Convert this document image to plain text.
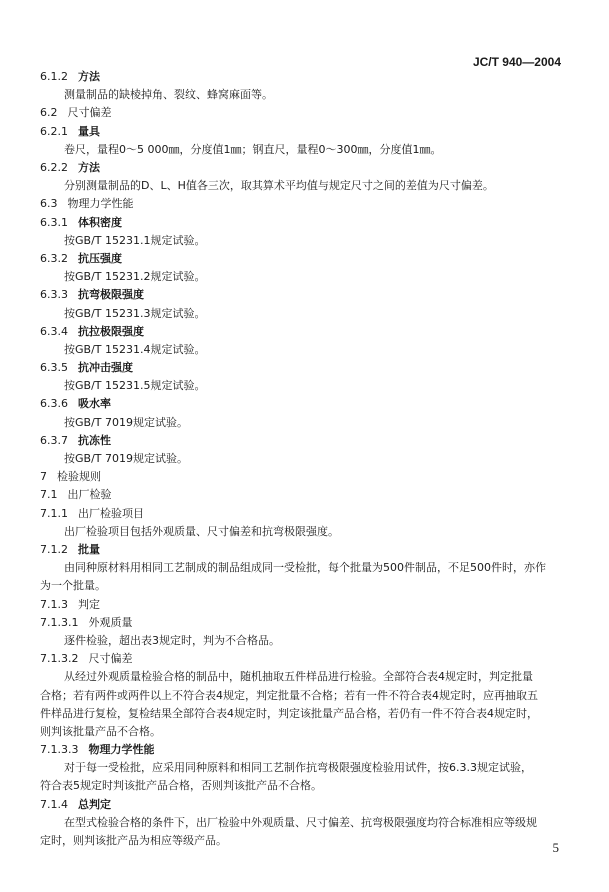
JC/T 940—2004
6.1.2 方法
测量制品的缺棱掉角、裂纹、蜂窝麻面等。
6.2 尺寸偏差
6.2.1 量具
卷尺，量程0～5 000㎜，分度值1㎜；钢直尺，量程0～300㎜，分度值1㎜。
6.2.2 方法
分别测量制品的D、L、H值各三次，取其算术平均值与规定尺寸之间的差值为尺寸偏差。
6.3 物理力学性能
6.3.1 体积密度
按GB/T 15231.1规定试验。
6.3.2 抗压强度
按GB/T 15231.2规定试验。
6.3.3 抗弯极限强度
按GB/T 15231.3规定试验。
6.3.4 抗拉极限强度
按GB/T 15231.4规定试验。
6.3.5 抗冲击强度
按GB/T 15231.5规定试验。
6.3.6 吸水率
按GB/T 7019规定试验。
6.3.7 抗冻性
按GB/T 7019规定试验。
7 检验规则
7.1 出厂检验
7.1.1 出厂检验项目
出厂检验项目包括外观质量、尺寸偏差和抗弯极限强度。
7.1.2 批量
由同种原材料用相同工艺制成的制品组成同一受检批，每个批量为500件制品，不足500件时，亦作
为一个批量。
7.1.3 判定
7.1.3.1 外观质量
逐件检验，超出表3规定时，判为不合格品。
7.1.3.2 尺寸偏差
从经过外观质量检验合格的制品中，随机抽取五件样品进行检验。全部符合表4规定时，判定批量
合格；若有两件或两件以上不符合表4规定，判定批量不合格；若有一件不符合表4规定时，应再抽取五
件样品进行复检，复检结果全部符合表4规定时，判定该批量产品合格，若仍有一件不符合表4规定时，
则判该批量产品不合格。
7.1.3.3 物理力学性能
对于每一受检批，应采用同种原料和相同工艺制作抗弯极限强度检验用试件，按6.3.3规定试验，
符合表5规定时判该批产品合格，否则判该批产品不合格。
7.1.4 总判定
在型式检验合格的条件下，出厂检验中外观质量、尺寸偏差、抗弯极限强度均符合标准相应等级规
定时，则判该批产品为相应等级产品。	5
